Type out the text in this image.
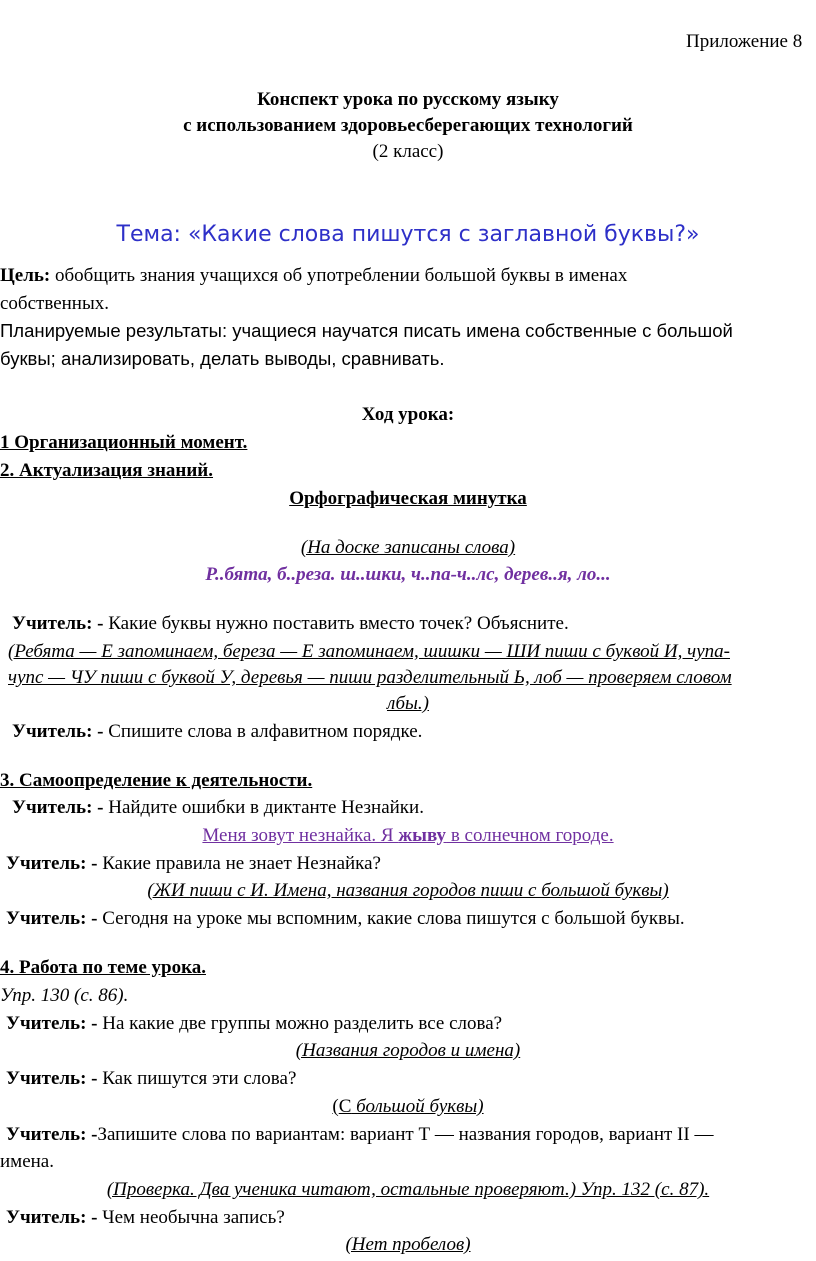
Приложение 8
Конспект урока по русскому языку
с использованием здоровьесберегающих технологий
(2 класс)
Тема: «Какие слова пишутся с заглавной буквы?»
Цель: обобщить знания учащихся об употреблении большой буквы в именах
собственных.
Планируемые результаты: учащиеся научатся писать имена собственные с большой
буквы; анализировать, делать выводы, сравнивать.
Ход урока:
1 Организационный момент.
2. Актуализация знаний.
Орфографическая минутка
(На доске записаны слова)
Р..бята, б..реза. ш..шки, ч..па-ч..лс, дерев..я, ло...
Учитель: - Какие буквы нужно поставить вместо точек? Объясните.
(Ребята — Е запоминаем, береза — Е запоминаем, шишки — ШИ пиши с буквой И, чупа-
чупс — ЧУ пиши с буквой У, деревья — пиши разделительный Ь, лоб — проверяем словом
лбы.)
Учитель: - Спишите слова в алфавитном порядке.
3. Самоопределение к деятельности.
Учитель: - Найдите ошибки в диктанте Незнайки.
Меня зовут незнайка. Я жыву в солнечном городе.
Учитель: - Какие правила не знает Незнайка?
(ЖИ пиши с И. Имена, названия городов пиши с большой буквы)
Учитель: - Сегодня на уроке мы вспомним, какие слова пишутся с большой буквы.
4. Работа по теме урока.
Упр. 130 (с. 86).
Учитель: - На какие две группы можно разделить все слова?
(Названия городов и имена)
Учитель: - Как пишутся эти слова?
(С большой буквы)
Учитель: -Запишите слова по вариантам: вариант Т — названия городов, вариант II —
имена.
(Проверка. Два ученика читают, остальные проверяют.) Упр. 132 (с. 87).
Учитель: - Чем необычна запись?
(Нет пробелов)
